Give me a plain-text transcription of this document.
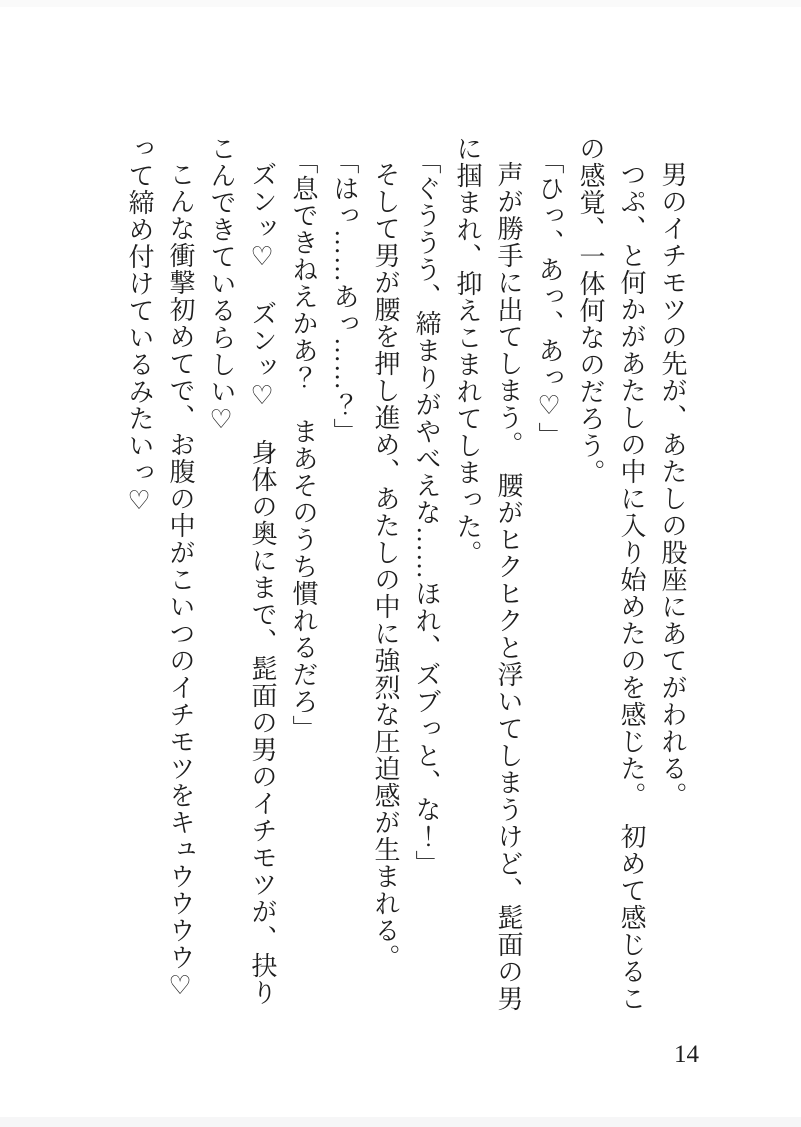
男のイチモツの先が、あたしの股座にあてがわれる。
つぷ、と何かがあたしの中に入り始めたのを感じた。　初めて感じるこ
の感覚、一体何なのだろう。
「ひっ、あっ、あっ♡」
声が勝手に出てしまう。　腰がヒクヒクと浮いてしまうけど、髭面の男
に掴まれ、抑えこまれてしまった。
「ぐううう、締まりがやべえな……ほれ、ズブっと、な！」
そして男が腰を押し進め、あたしの中に強烈な圧迫感が生まれる。
「はっ……あっ……？」
「息できねえかあ？　まあそのうち慣れるだろ」
ズンッ♡　ズンッ♡　身体の奥にまで、髭面の男のイチモツが、抉り
こんできているらしい♡
こんな衝撃初めてで、お腹の中がこいつのイチモツをキュウウウウ♡
って締め付けているみたいっ♡
14
